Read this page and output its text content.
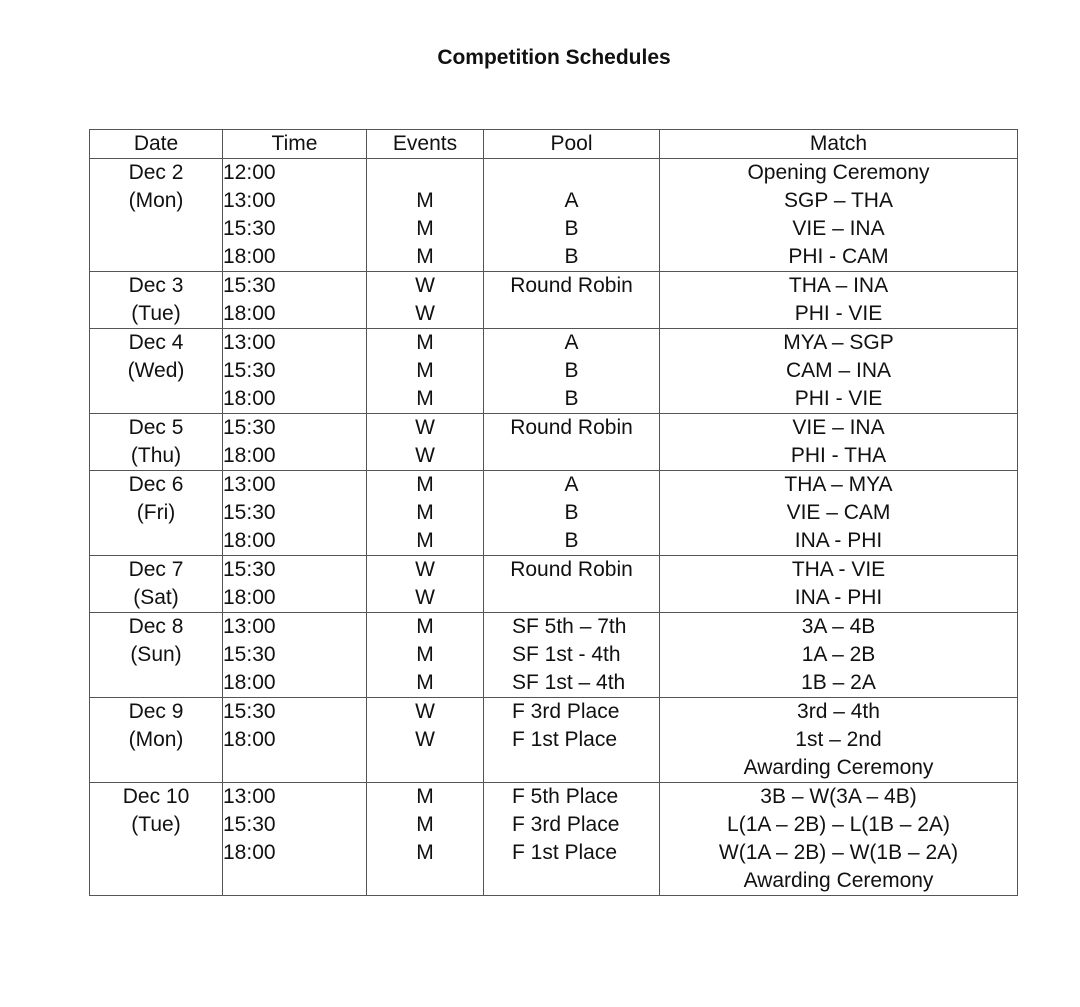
Competition Schedules
Date	Time	Events	Pool	Match
Dec 2	12:00			Opening Ceremony
(Mon)	13:00	M	A	SGP – THA
	15:30	M	B	VIE – INA
	18:00	M	B	PHI - CAM
Dec 3	15:30	W	Round Robin	THA – INA
(Tue)	18:00	W		PHI - VIE
Dec 4	13:00	M	A	MYA – SGP
(Wed)	15:30	M	B	CAM – INA
	18:00	M	B	PHI - VIE
Dec 5	15:30	W	Round Robin	VIE – INA
(Thu)	18:00	W		PHI - THA
Dec 6	13:00	M	A	THA – MYA
(Fri)	15:30	M	B	VIE – CAM
	18:00	M	B	INA - PHI
Dec 7	15:30	W	Round Robin	THA - VIE
(Sat)	18:00	W		INA - PHI
Dec 8	13:00	M	SF 5th – 7th	3A – 4B
(Sun)	15:30	M	SF 1st - 4th	1A – 2B
	18:00	M	SF 1st – 4th	1B – 2A
Dec 9	15:30	W	F 3rd Place	3rd – 4th
(Mon)	18:00	W	F 1st Place	1st – 2nd
				Awarding Ceremony
Dec 10	13:00	M	F 5th Place	3B – W(3A – 4B)
(Tue)	15:30	M	F 3rd Place	L(1A – 2B) – L(1B – 2A)
	18:00	M	F 1st Place	W(1A – 2B) – W(1B – 2A)
				Awarding Ceremony
